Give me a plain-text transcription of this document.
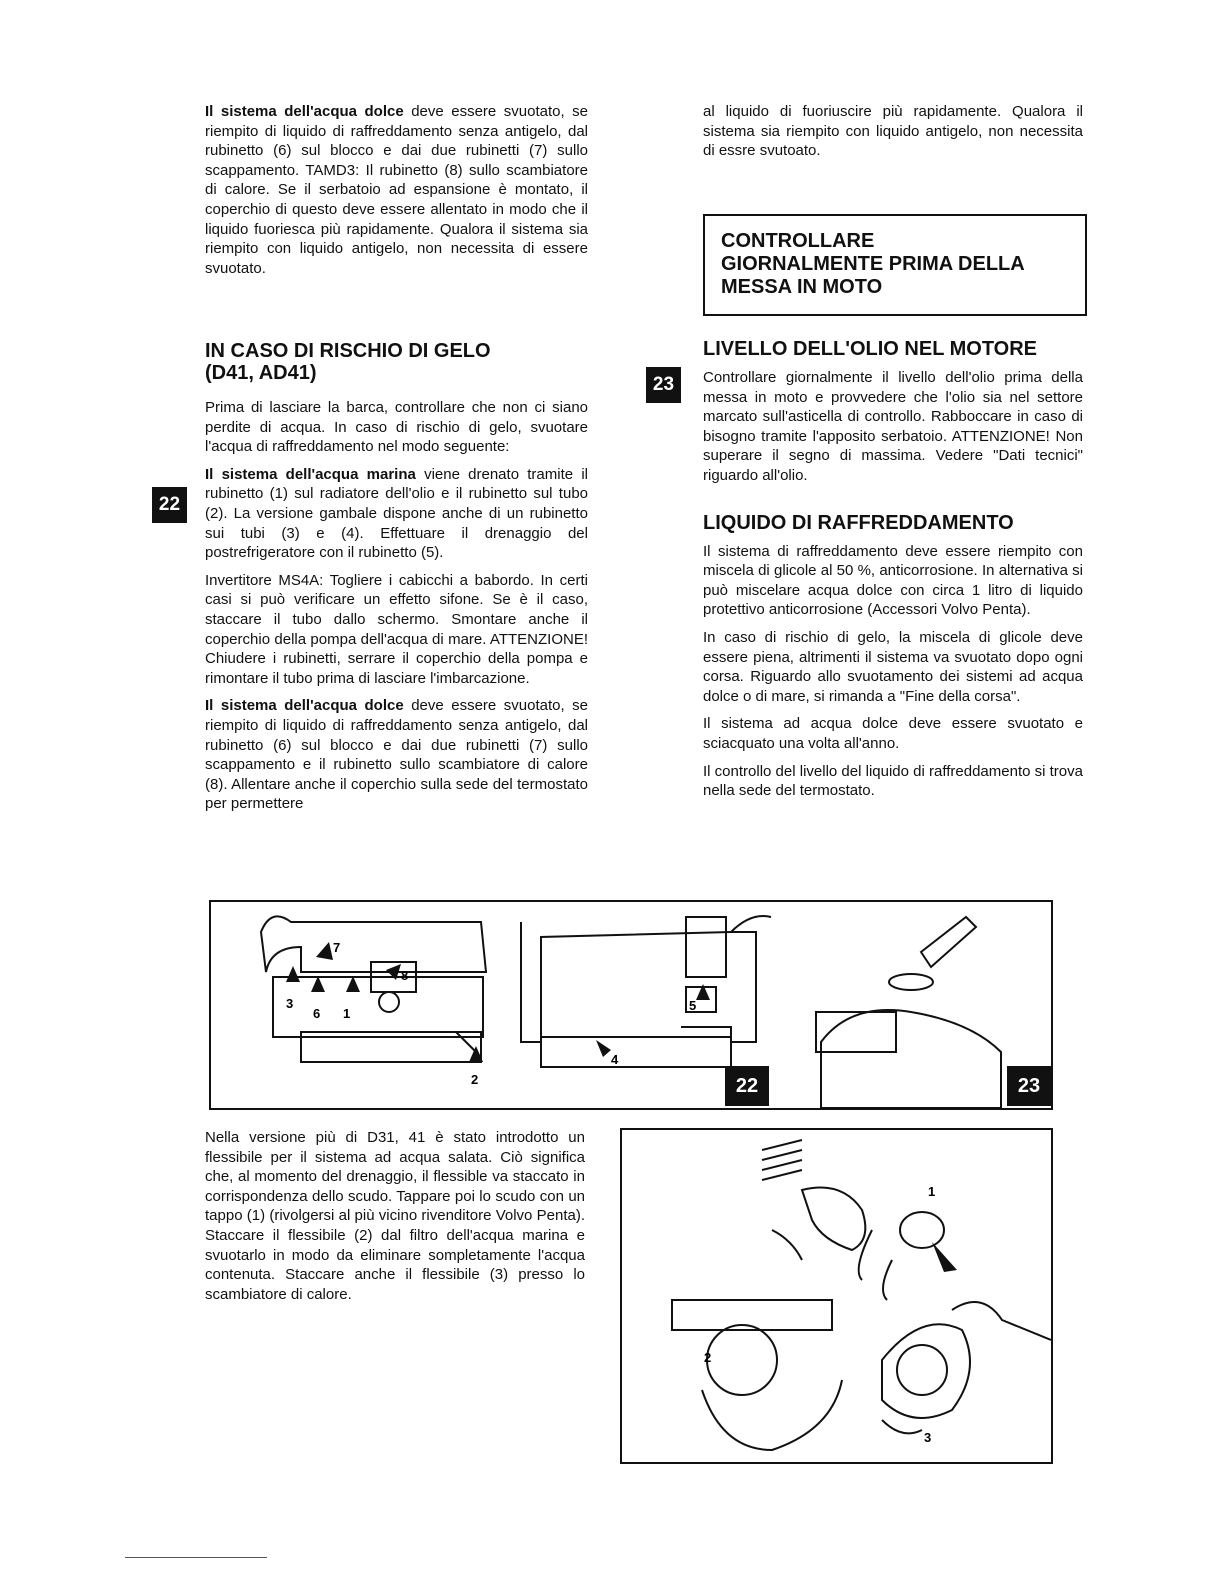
Il sistema dell'acqua dolce deve essere svuotato, se riempito di liquido di raffreddamento senza antigelo, dal rubinetto (6) sul blocco e dai due rubinetti (7) sullo scappamento. TAMD3: Il rubinetto (8) sullo scambiatore di calore. Se il serbatoio ad espansione è montato, il coperchio di questo deve essere allentato in modo che il liquido fuoriesca più rapidamente. Qualora il sistema sia riempito con liquido antigelo, non necessita di essere svuotato.

IN CASO DI RISCHIO DI GELO (D41, AD41)

Prima di lasciare la barca, controllare che non ci siano perdite di acqua. In caso di rischio di gelo, svuotare l'acqua di raffreddamento nel modo seguente:

Il sistema dell'acqua marina viene drenato tramite il rubinetto (1) sul radiatore dell'olio e il rubinetto sul tubo (2). La versione gambale dispone anche di un rubinetto sui tubi (3) e (4). Effettuare il drenaggio del postrefrigeratore con il rubinetto (5).

Invertitore MS4A: Togliere i cabicchi a babordo. In certi casi si può verificare un effetto sifone. Se è il caso, staccare il tubo dallo schermo. Smontare anche il coperchio della pompa dell'acqua di mare. ATTENZIONE! Chiudere i rubinetti, serrare il coperchio della pompa e rimontare il tubo prima di lasciare l'imbarcazione.

Il sistema dell'acqua dolce deve essere svuotato, se riempito di liquido di raffreddamento senza antigelo, dal rubinetto (6) sul blocco e dai due rubinetti (7) sullo scappamento e il rubinetto sullo scambiatore di calore (8). Allentare anche il coperchio sulla sede del termostato per permettere

22

al liquido di fuoriuscire più rapidamente. Qualora il sistema sia riempito con liquido antigelo, non necessita di essre svutoato.

CONTROLLARE GIORNALMENTE PRIMA DELLA MESSA IN MOTO
LIVELLO DELL'OLIO NEL MOTORE

Controllare giornalmente il livello dell'olio prima della messa in moto e provvedere che l'olio sia nel settore marcato sull'asticella di controllo. Rabboccare in caso di bisogno tramite l'apposito serbatoio. ATTENZIONE! Non superare il segno di massima. Vedere "Dati tecnici" riguardo all'olio.

LIQUIDO DI RAFFREDDAMENTO

Il sistema di raffreddamento deve essere riempito con miscela di glicole al 50 %, anticorrosione. In alternativa si può miscelare acqua dolce con circa 1 litro di liquido protettivo anticorrosione (Accessori Volvo Penta).

In caso di rischio di gelo, la miscela di glicole deve essere piena, altrimenti il sistema va svuotato dopo ogni corsa. Riguardo allo svuotamento dei sistemi ad acqua dolce o di mare, si rimanda a "Fine della corsa".

Il sistema ad acqua dolce deve essere svuotato e sciacquato una volta all'anno.

Il controllo del livello del liquido di raffreddamento si trova nella sede del termostato.

23
7
8
3
6 1
2
5
4
22	23

Nella versione più di D31, 41 è stato introdotto un flessibile per il sistema ad acqua salata. Ciò significa che, al momento del drenaggio, il flessible va staccato in corrispondenza dello scudo. Tappare poi lo scudo con un tappo (1) (rivolgersi al più vicino rivenditore Volvo Penta). Staccare il flessibile (2) dal filtro dell'acqua marina e svuotarlo in modo da eliminare sompletamente l'acqua contenuta. Staccare anche il flessibile (3) presso lo scambiatore di calore.

1
2
3
